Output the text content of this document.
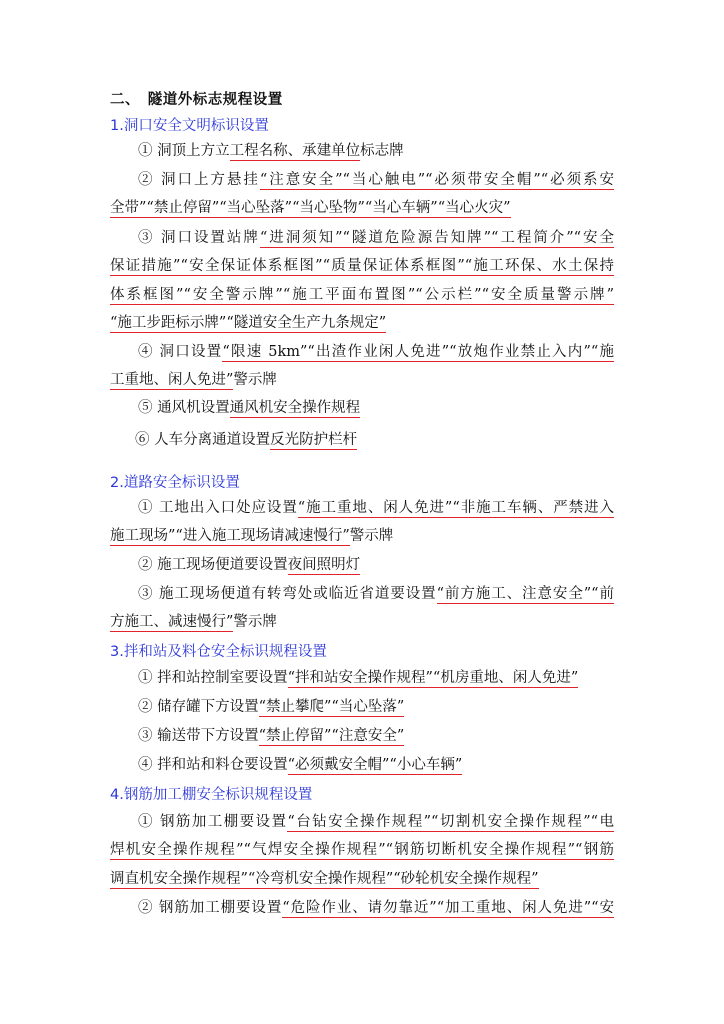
二、　隧道外标志规程设置
1.洞口安全文明标识设置
① 洞顶上方立工程名称、承建单位标志牌
② 洞口上方悬挂“注意安全”“当心触电”“必须带安全帽”“必须系安
全带”“禁止停留”“当心坠落”“当心坠物”“当心车辆”“当心火灾”
③ 洞口设置站牌“进洞须知”“隧道危险源告知牌”“工程简介”“安全
保证措施”“安全保证体系框图”“质量保证体系框图”“施工环保、水土保持
体系框图”“安全警示牌”“施工平面布置图”“公示栏”“安全质量警示牌”
“施工步距标示牌”“隧道安全生产九条规定”
④ 洞口设置“限速 5km”“出渣作业闲人免进”“放炮作业禁止入内”“施
工重地、闲人免进”警示牌
⑤ 通风机设置通风机安全操作规程
⑥ 人车分离通道设置反光防护栏杆
2.道路安全标识设置
① 工地出入口处应设置“施工重地、闲人免进”“非施工车辆、严禁进入
施工现场”“进入施工现场请减速慢行”警示牌
② 施工现场便道要设置夜间照明灯
③ 施工现场便道有转弯处或临近省道要设置“前方施工、注意安全”“前
方施工、减速慢行”警示牌
3.拌和站及料仓安全标识规程设置
① 拌和站控制室要设置“拌和站安全操作规程”“机房重地、闲人免进”
② 储存罐下方设置“禁止攀爬”“当心坠落”
③ 输送带下方设置“禁止停留”“注意安全”
④ 拌和站和料仓要设置“必须戴安全帽”“小心车辆”
4.钢筋加工棚安全标识规程设置
① 钢筋加工棚要设置“台钻安全操作规程”“切割机安全操作规程”“电
焊机安全操作规程”“气焊安全操作规程”“钢筋切断机安全操作规程”“钢筋
调直机安全操作规程”“冷弯机安全操作规程”“砂轮机安全操作规程”
② 钢筋加工棚要设置“危险作业、请勿靠近”“加工重地、闲人免进”“安
